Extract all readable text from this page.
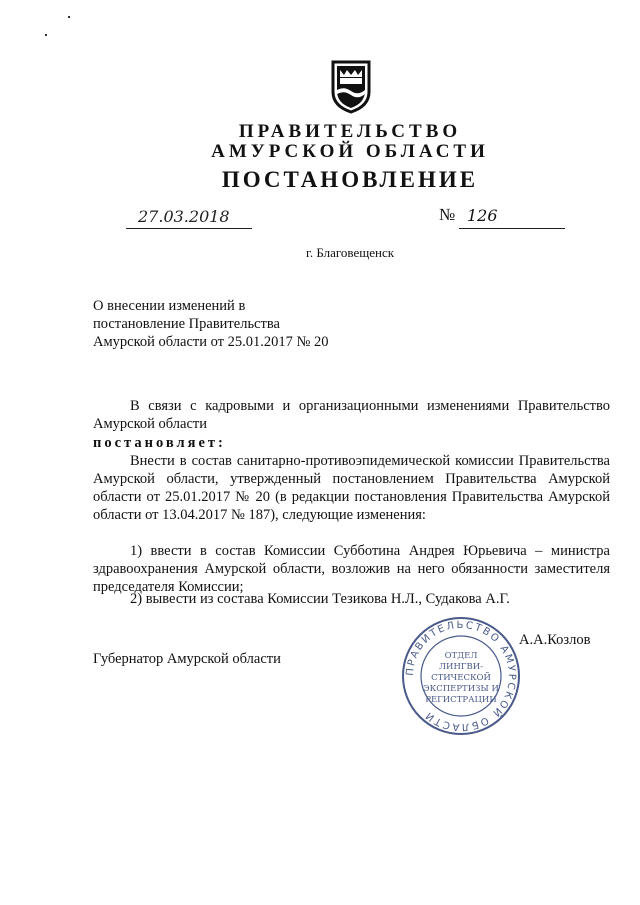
ПРАВИТЕЛЬСТВО
АМУРСКОЙ ОБЛАСТИ
ПОСТАНОВЛЕНИЕ
27.03.2018	№ 126
г. Благовещенск
О внесении изменений в постановление Правительства Амурской области от 25.01.2017 № 20
В связи с кадровыми и организационными изменениями Правительство
Амурской области
постановляет:
Внести в состав санитарно-противоэпидемической комиссии Правительства Амурской области, утвержденный постановлением Правительства Амурской области от 25.01.2017 № 20 (в редакции постановления Правительства Амурской области от 13.04.2017 № 187), следующие изменения:
1) ввести в состав Комиссии Субботина Андрея Юрьевича – министра здравоохранения Амурской области, возложив на него обязанности заместителя председателя Комиссии;
2) вывести из состава Комиссии Тезикова Н.Л., Судакова А.Г.
Губернатор Амурской области
А.А.Козлов
ПРАВИТЕЛЬСТВО АМУРСКОЙ ОБЛАСТИ
ОТДЕЛ
ЛИНГВИ-
СТИЧЕСКОЙ
ЭКСПЕРТИЗЫ И
РЕГИСТРАЦИИ
